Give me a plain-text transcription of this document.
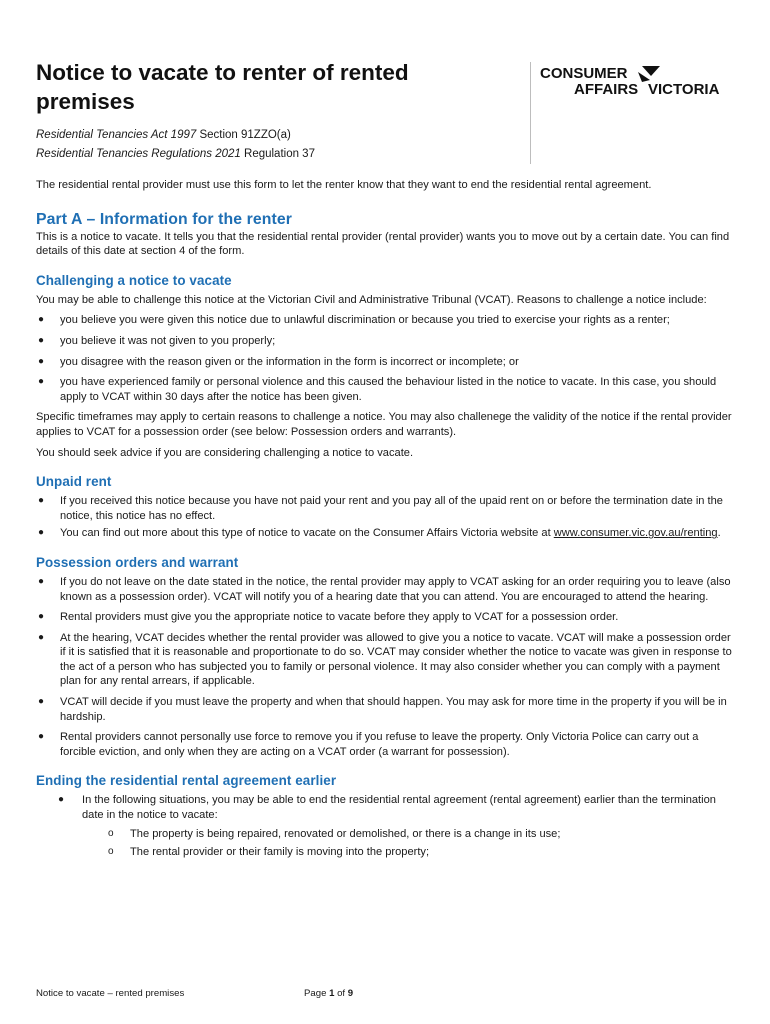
CONSUMER
AFFAIRS VICTORIA
Notice to vacate to renter of rented premises
Residential Tenancies Act 1997 Section 91ZZO(a)
Residential Tenancies Regulations 2021 Regulation 37

The residential rental provider must use this form to let the renter know that they want to end the residential rental agreement.

Part A – Information for the renter

This is a notice to vacate. It tells you that the residential rental provider (rental provider) wants you to move out by a certain date. You can find details of this date at section 4 of the form.

Challenging a notice to vacate

You may be able to challenge this notice at the Victorian Civil and Administrative Tribunal (VCAT). Reasons to challenge a notice include:

● you believe you were given this notice due to unlawful discrimination or because you tried to exercise your rights as a renter;
● you believe it was not given to you properly;
● you disagree with the reason given or the information in the form is incorrect or incomplete; or
● you have experienced family or personal violence and this caused the behaviour listed in the notice to vacate. In this case, you should apply to VCAT within 30 days after the notice has been given.

Specific timeframes may apply to certain reasons to challenge a notice. You may also challenege the validity of the notice if the rental provider applies to VCAT for a possession order (see below: Possession orders and warrants).

You should seek advice if you are considering challenging a notice to vacate.

Unpaid rent
● If you received this notice because you have not paid your rent and you pay all of the upaid rent on or before the termination date in the notice, this notice has no effect.
● You can find out more about this type of notice to vacate on the Consumer Affairs Victoria website at www.consumer.vic.gov.au/renting.
Possession orders and warrant
● If you do not leave on the date stated in the notice, the rental provider may apply to VCAT asking for an order requiring you to leave (also known as a possession order). VCAT will notify you of a hearing date that you can attend. You are encouraged to attend the hearing.
● Rental providers must give you the appropriate notice to vacate before they apply to VCAT for a possession order.
● At the hearing, VCAT decides whether the rental provider was allowed to give you a notice to vacate. VCAT will make a possession order if it is satisfied that it is reasonable and proportionate to do so. VCAT may consider whether the notice to vacate was given in response to the act of a person who has subjected you to family or personal violence. It may also consider whether you can comply with a payment plan for any rental arrears, if applicable.
● VCAT will decide if you must leave the property and when that should happen. You may ask for more time in the property if you will be in hardship.
● Rental providers cannot personally use force to remove you if you refuse to leave the property. Only Victoria Police can carry out a forcible eviction, and only when they are acting on a VCAT order (a warrant for possession).
Ending the residential rental agreement earlier
● In the following situations, you may be able to end the residential rental agreement (rental agreement) earlier than the termination date in the notice to vacate:
o The property is being repaired, renovated or demolished, or there is a change in its use;
o The rental provider or their family is moving into the property;
Notice to vacate – rented premises	Page 1 of 9
